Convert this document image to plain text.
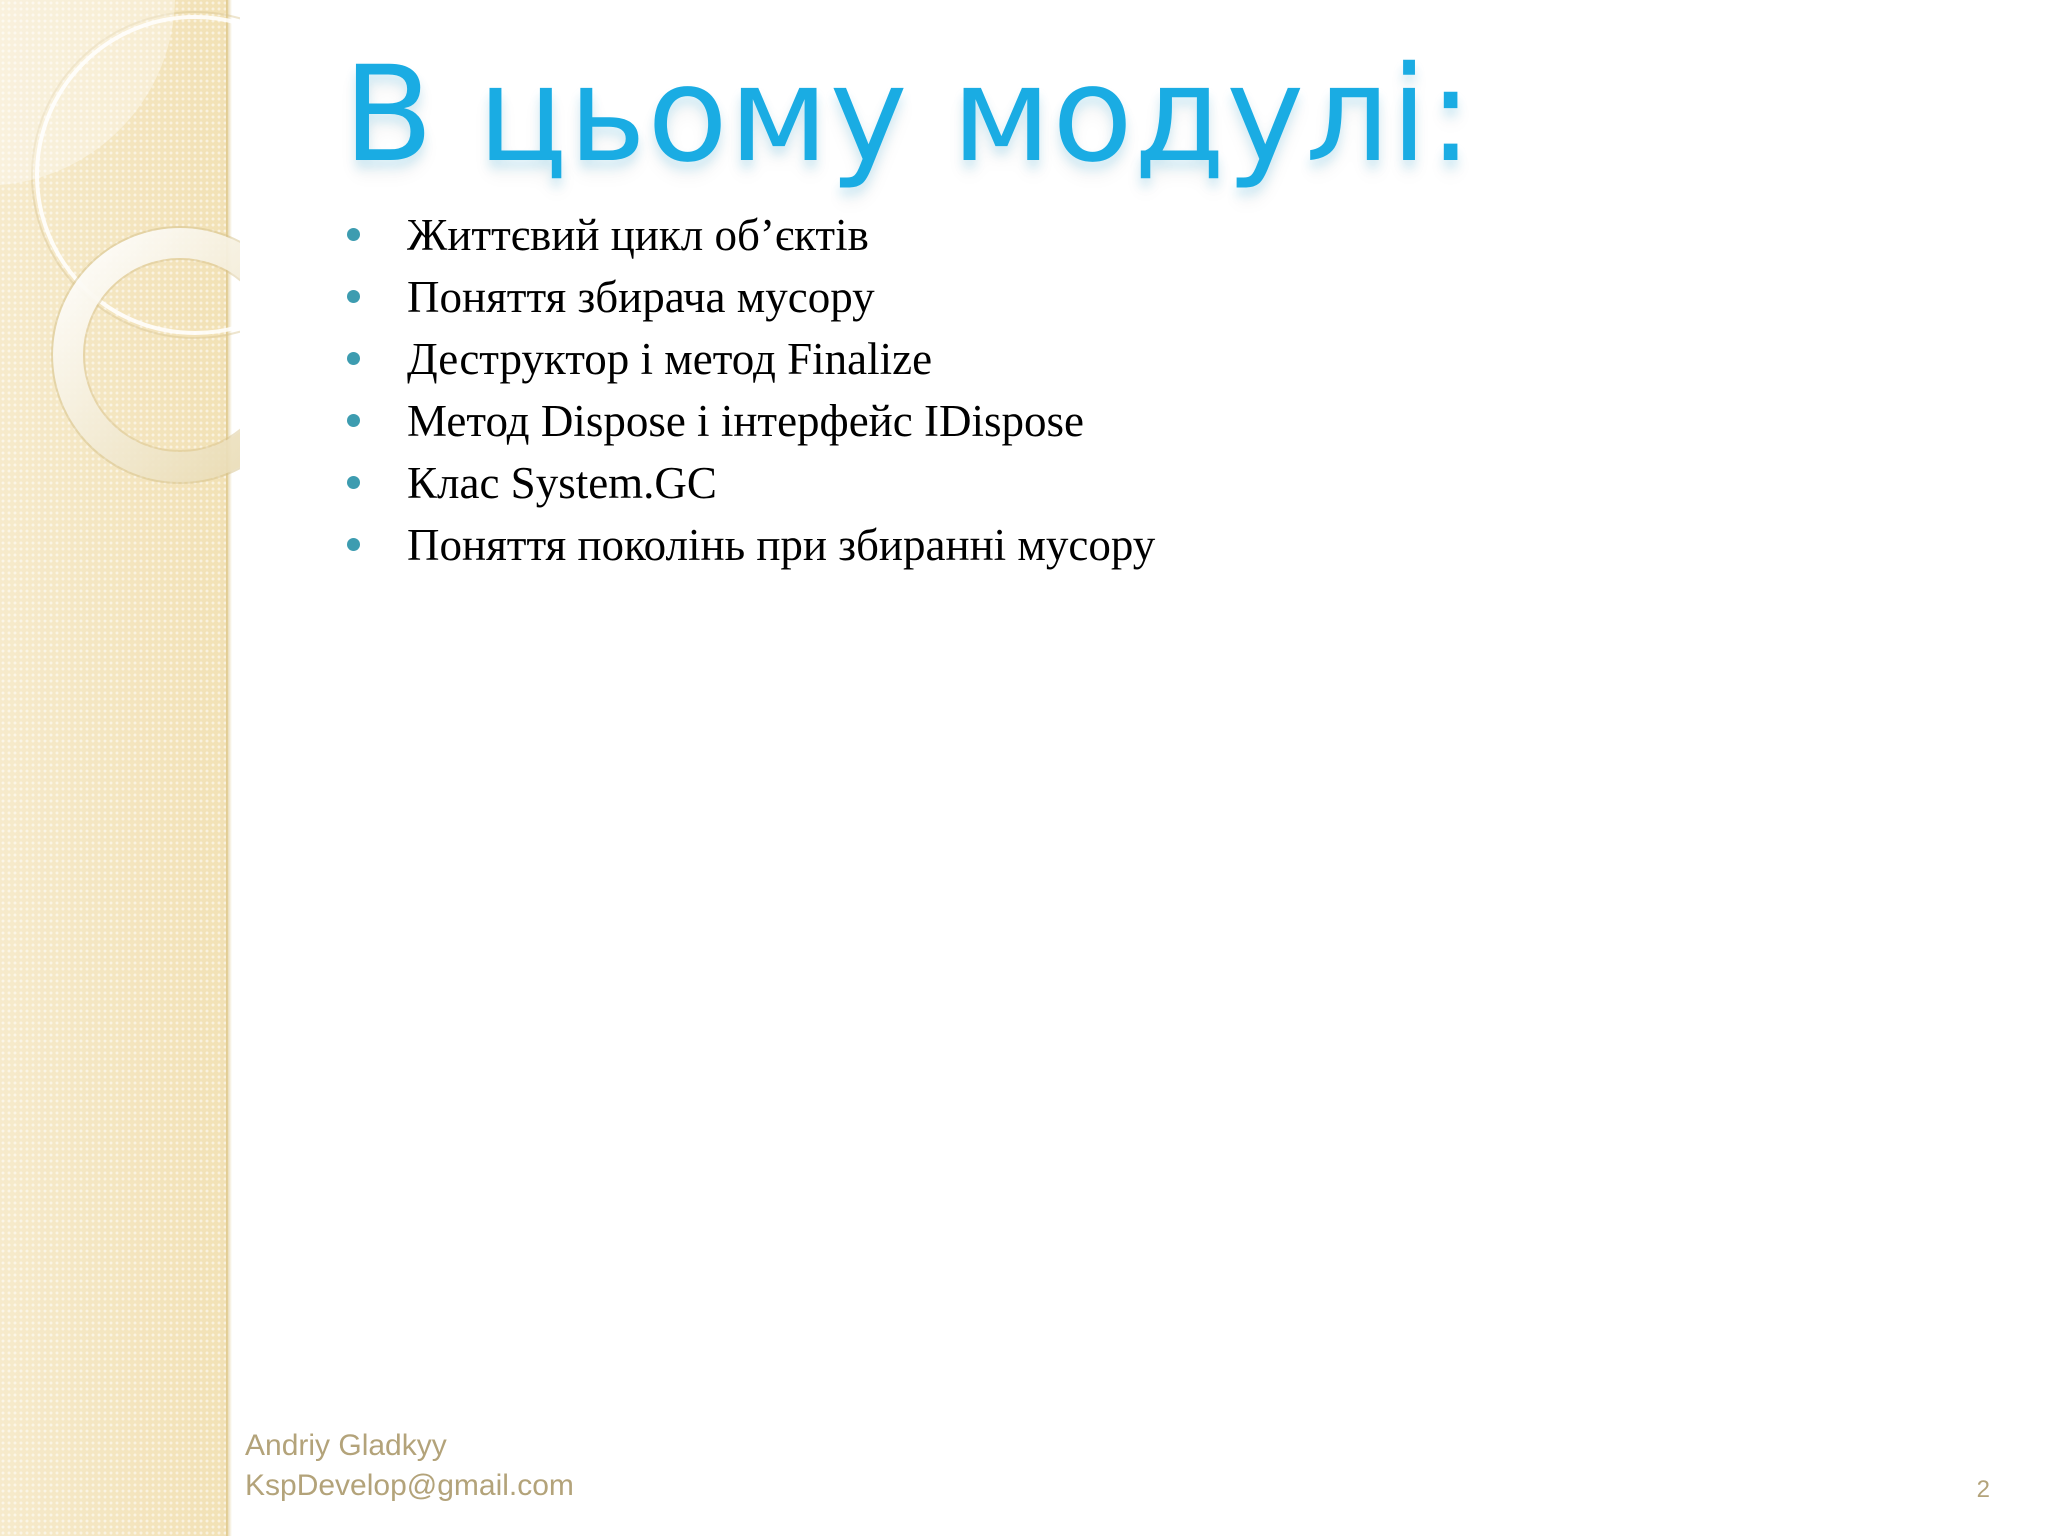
В цьому модулі:
Життєвий цикл об’єктів
Поняття збирача мусору
Деструктор і метод Finalize
Метод Dispose і інтерфейс IDispose
Клас System.GC
Поняття поколінь при збиранні мусору
Andriy Gladkyy
KspDevelop@gmail.com	2
